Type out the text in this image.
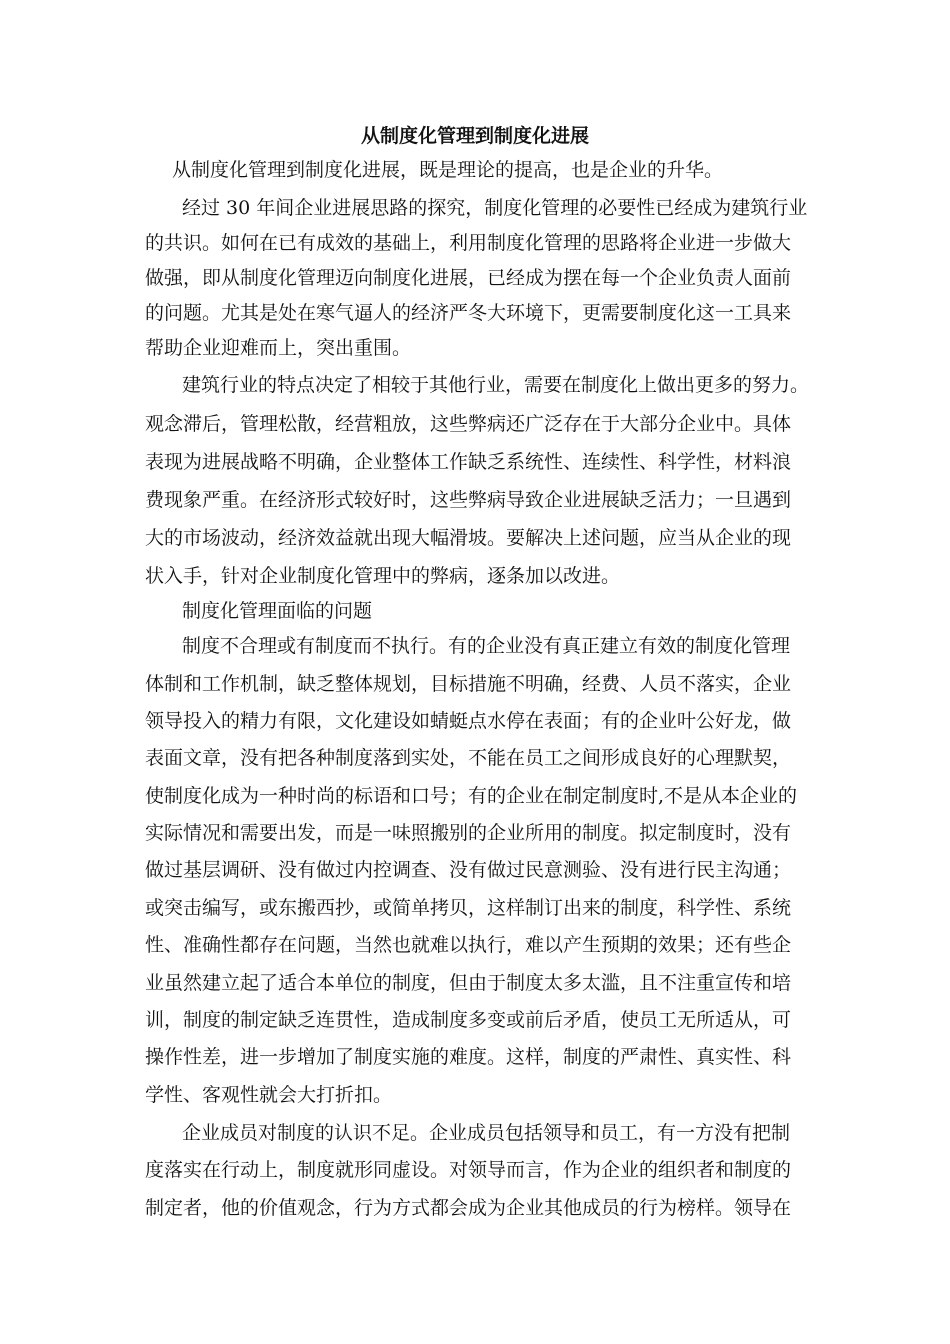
从制度化管理到制度化进展

从制度化管理到制度化进展，既是理论的提高，也是企业的升华。

经过 30 年间企业进展思路的探究，制度化管理的必要性已经成为建筑行业

的共识。如何在已有成效的基础上，利用制度化管理的思路将企业进一步做大

做强，即从制度化管理迈向制度化进展，已经成为摆在每一个企业负责人面前

的问题。尤其是处在寒气逼人的经济严冬大环境下，更需要制度化这一工具来

帮助企业迎难而上，突出重围。

建筑行业的特点决定了相较于其他行业，需要在制度化上做出更多的努力。

观念滞后，管理松散，经营粗放，这些弊病还广泛存在于大部分企业中。具体

表现为进展战略不明确，企业整体工作缺乏系统性、连续性、科学性，材料浪

费现象严重。在经济形式较好时，这些弊病导致企业进展缺乏活力；一旦遇到

大的市场波动，经济效益就出现大幅滑坡。要解决上述问题，应当从企业的现

状入手，针对企业制度化管理中的弊病，逐条加以改进。

制度化管理面临的问题

制度不合理或有制度而不执行。有的企业没有真正建立有效的制度化管理

体制和工作机制，缺乏整体规划，目标措施不明确，经费、人员不落实，企业

领导投入的精力有限，文化建设如蜻蜓点水停在表面；有的企业叶公好龙，做

表面文章，没有把各种制度落到实处，不能在员工之间形成良好的心理默契，

使制度化成为一种时尚的标语和口号；有的企业在制定制度时,不是从本企业的

实际情况和需要出发，而是一味照搬别的企业所用的制度。拟定制度时，没有

做过基层调研、没有做过内控调查、没有做过民意测验、没有进行民主沟通；

或突击编写，或东搬西抄，或简单拷贝，这样制订出来的制度，科学性、系统

性、准确性都存在问题，当然也就难以执行，难以产生预期的效果；还有些企

业虽然建立起了适合本单位的制度，但由于制度太多太滥，且不注重宣传和培

训，制度的制定缺乏连贯性，造成制度多变或前后矛盾，使员工无所适从，可

操作性差，进一步增加了制度实施的难度。这样，制度的严肃性、真实性、科

学性、客观性就会大打折扣。

企业成员对制度的认识不足。企业成员包括领导和员工，有一方没有把制

度落实在行动上，制度就形同虚设。对领导而言，作为企业的组织者和制度的

制定者，他的价值观念，行为方式都会成为企业其他成员的行为榜样。领导在
